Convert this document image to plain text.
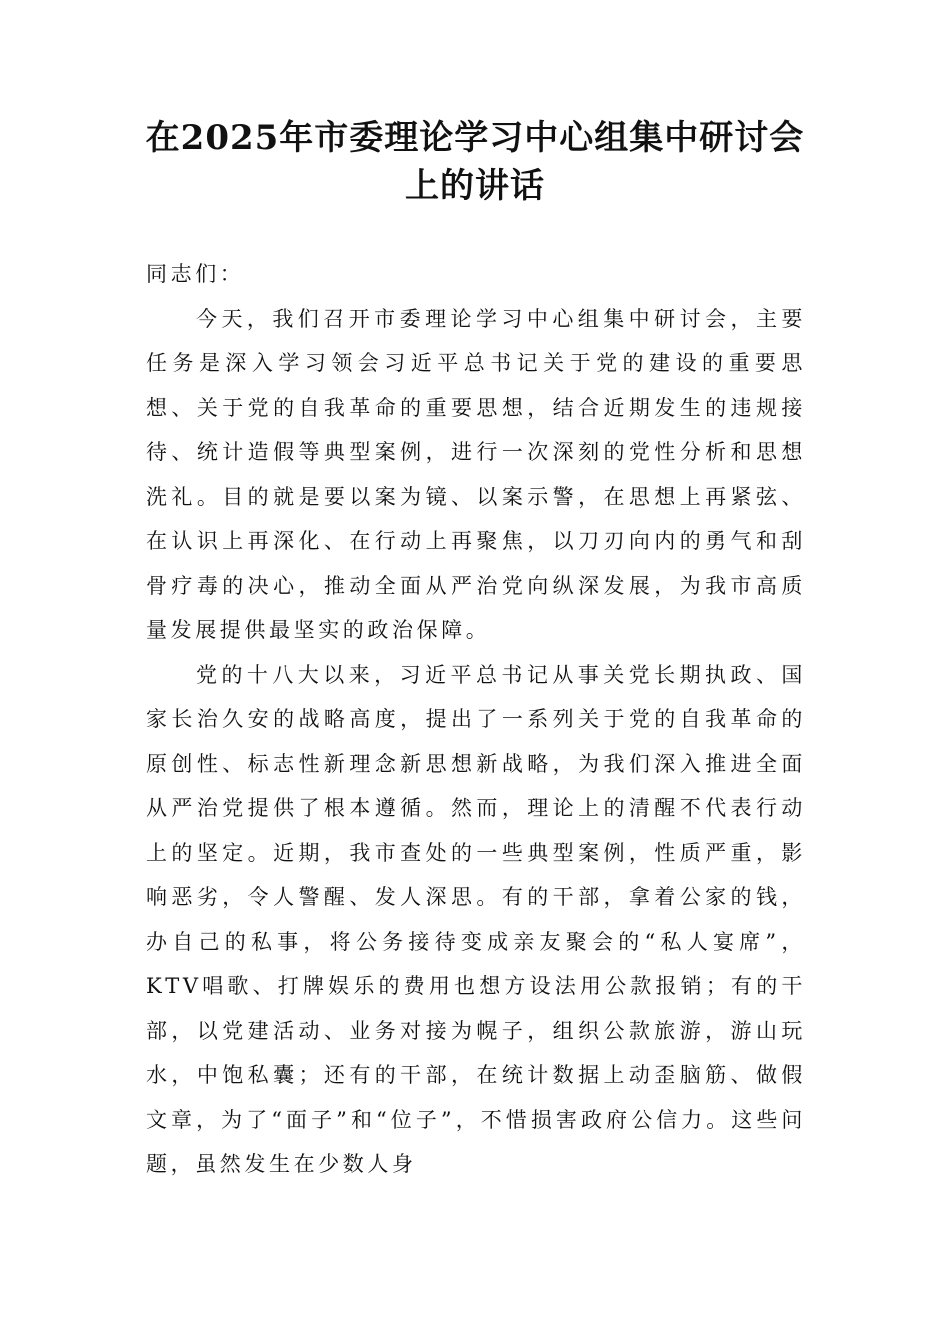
在2025年市委理论学习中心组集中研讨会上的讲话

同志们：

今天，我们召开市委理论学习中心组集中研讨会，主要任务是深入学习领会习近平总书记关于党的建设的重要思想、关于党的自我革命的重要思想，结合近期发生的违规接待、统计造假等典型案例，进行一次深刻的党性分析和思想洗礼。目的就是要以案为镜、以案示警，在思想上再紧弦、在认识上再深化、在行动上再聚焦，以刀刃向内的勇气和刮骨疗毒的决心，推动全面从严治党向纵深发展，为我市高质量发展提供最坚实的政治保障。

党的十八大以来，习近平总书记从事关党长期执政、国家长治久安的战略高度，提出了一系列关于党的自我革命的原创性、标志性新理念新思想新战略，为我们深入推进全面从严治党提供了根本遵循。然而，理论上的清醒不代表行动上的坚定。近期，我市查处的一些典型案例，性质严重，影响恶劣，令人警醒、发人深思。有的干部，拿着公家的钱，办自己的私事，将公务接待变成亲友聚会的“私人宴席”，KTV唱歌、打牌娱乐的费用也想方设法用公款报销；有的干部，以党建活动、业务对接为幌子，组织公款旅游，游山玩水，中饱私囊；还有的干部，在统计数据上动歪脑筋、做假文章，为了“面子”和“位子”，不惜损害政府公信力。这些问题，虽然发生在少数人身
